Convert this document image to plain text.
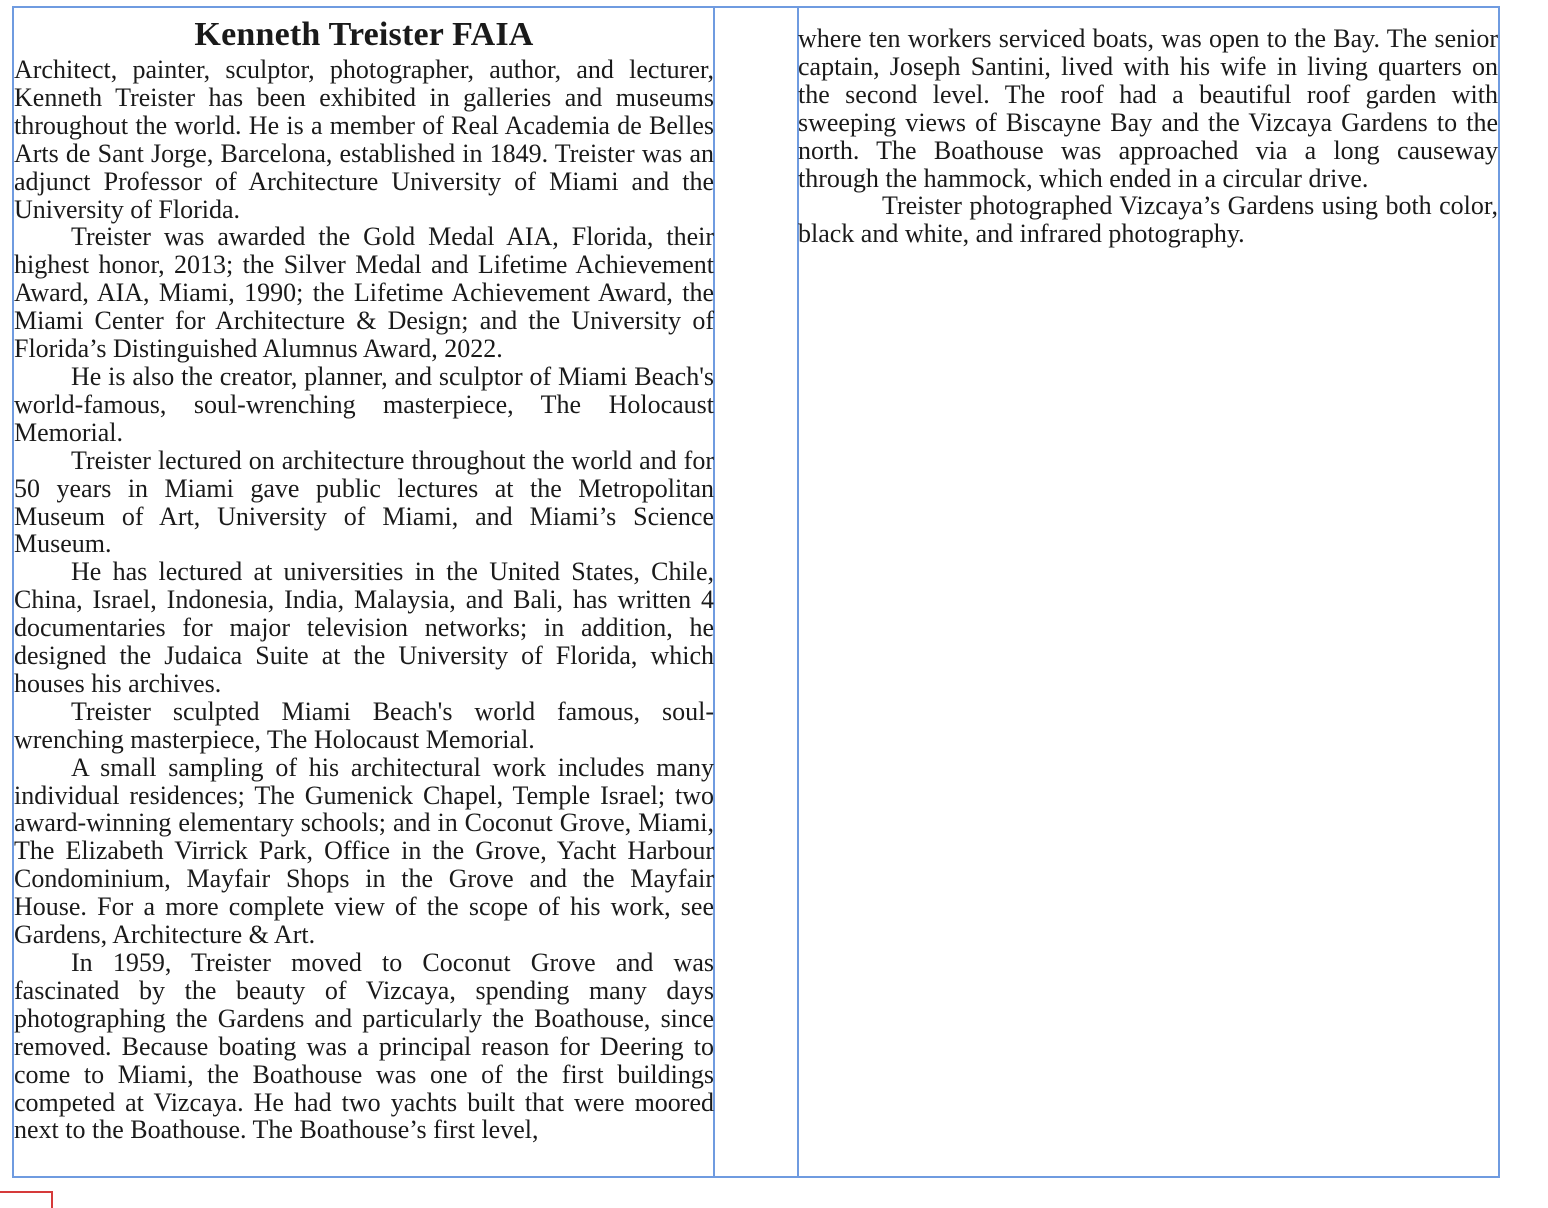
Kenneth Treister FAIA

Architect, painter, sculptor, photographer, author, and lecturer, Kenneth Treister has been exhibited in galleries and museums throughout the world. He is a member of Real Academia de Belles Arts de Sant Jorge, Barcelona, established in 1849. Treister was an adjunct Professor of Architecture University of Miami and the University of Florida.

Treister was awarded the Gold Medal AIA, Florida, their highest honor, 2013; the Silver Medal and Lifetime Achievement Award, AIA, Miami, 1990; the Lifetime Achievement Award, the Miami Center for Architecture & Design; and the University of Florida’s Distinguished Alumnus Award, 2022.

He is also the creator, planner, and sculptor of Miami Beach's world-famous, soul-wrenching masterpiece, The Holocaust Memorial.

Treister lectured on architecture throughout the world and for 50 years in Miami gave public lectures at the Metropolitan Museum of Art, University of Miami, and Miami’s Science Museum.

He has lectured at universities in the United States, Chile, China, Israel, Indonesia, India, Malaysia, and Bali, has written 4 documentaries for major television networks; in addition, he designed the Judaica Suite at the University of Florida, which houses his archives.

Treister sculpted Miami Beach's world famous, soul-wrenching masterpiece, The Holocaust Memorial.

A small sampling of his architectural work includes many individual residences; The Gumenick Chapel, Temple Israel; two award-winning elementary schools; and in Coconut Grove, Miami, The Elizabeth Virrick Park, Office in the Grove, Yacht Harbour Condominium, Mayfair Shops in the Grove and the Mayfair House. For a more complete view of the scope of his work, see Gardens, Architecture & Art.

In 1959, Treister moved to Coconut Grove and was fascinated by the beauty of Vizcaya, spending many days photographing the Gardens and particularly the Boathouse, since removed. Because boating was a principal reason for Deering to come to Miami, the Boathouse was one of the first buildings competed at Vizcaya. He had two yachts built that were moored next to the Boathouse. The Boathouse’s first level,

where ten workers serviced boats, was open to the Bay. The senior captain, Joseph Santini, lived with his wife in living quarters on the second level. The roof had a beautiful roof garden with sweeping views of Biscayne Bay and the Vizcaya Gardens to the north. The Boathouse was approached via a long causeway through the hammock, which ended in a circular drive.

Treister photographed Vizcaya’s Gardens using both color, black and white, and infrared photography.
